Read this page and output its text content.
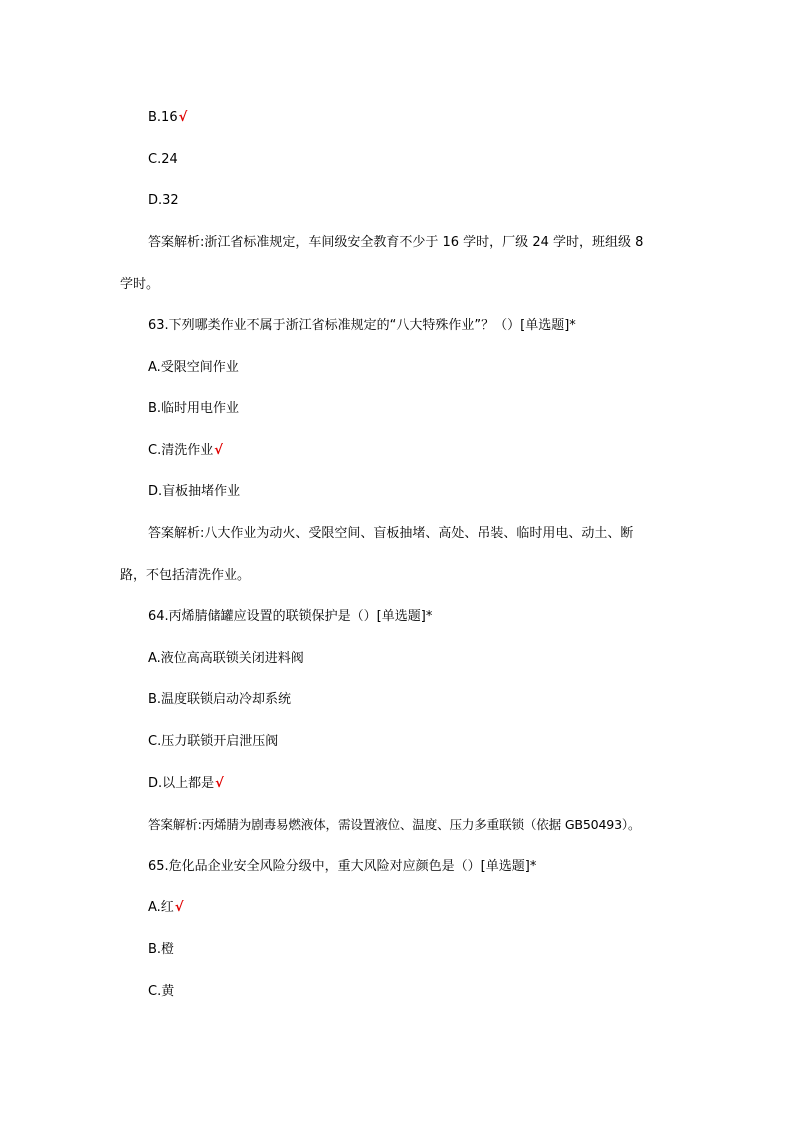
B.16√
C.24
D.32
答案解析:浙江省标准规定，车间级安全教育不少于 16 学时，厂级 24 学时，班组级 8
学时。
63.下列哪类作业不属于浙江省标准规定的“八大特殊作业”？（）[单选题]*
A.受限空间作业
B.临时用电作业
C.清洗作业√
D.盲板抽堵作业
答案解析:八大作业为动火、受限空间、盲板抽堵、高处、吊装、临时用电、动土、断
路，不包括清洗作业。
64.丙烯腈储罐应设置的联锁保护是（）[单选题]*
A.液位高高联锁关闭进料阀
B.温度联锁启动冷却系统
C.压力联锁开启泄压阀
D.以上都是√
答案解析:丙烯腈为剧毒易燃液体，需设置液位、温度、压力多重联锁（依据 GB50493）。
65.危化品企业安全风险分级中，重大风险对应颜色是（）[单选题]*
A.红√
B.橙
C.黄
